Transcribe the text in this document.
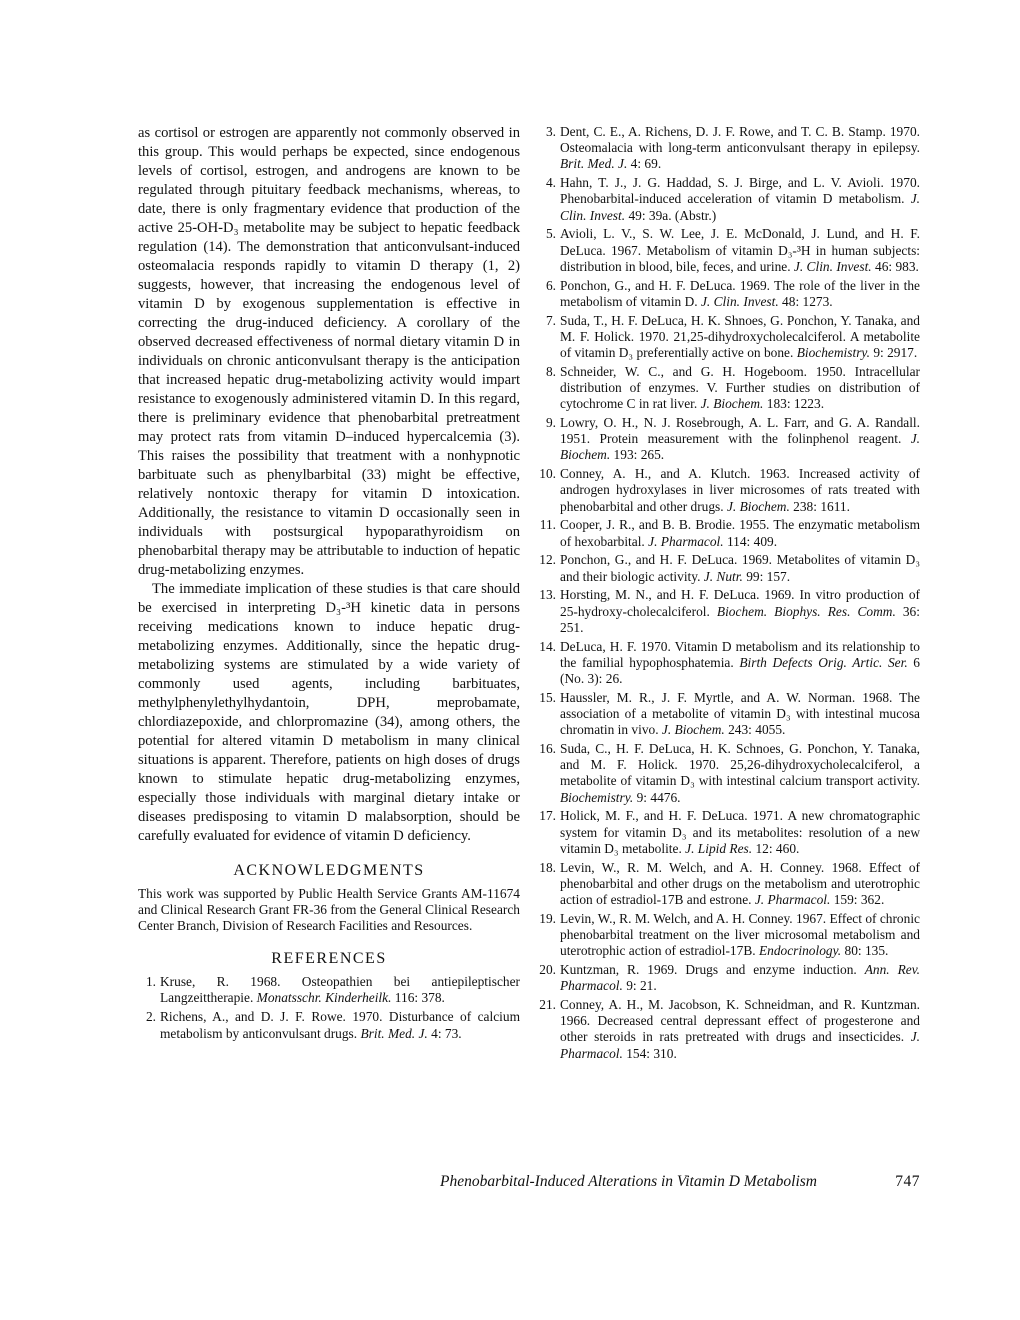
as cortisol or estrogen are apparently not commonly observed in this group. This would perhaps be expected, since endogenous levels of cortisol, estrogen, and androgens are known to be regulated through pituitary feedback mechanisms, whereas, to date, there is only fragmentary evidence that production of the active 25-OH-D₃ metabolite may be subject to hepatic feedback regulation (14). The demonstration that anticonvulsant-induced osteomalacia responds rapidly to vitamin D therapy (1, 2) suggests, however, that increasing the endogenous level of vitamin D by exogenous supplementation is effective in correcting the drug-induced deficiency. A corollary of the observed decreased effectiveness of normal dietary vitamin D in individuals on chronic anticonvulsant therapy is the anticipation that increased hepatic drug-metabolizing activity would impart resistance to exogenously administered vitamin D. In this regard, there is preliminary evidence that phenobarbital pretreatment may protect rats from vitamin D–induced hypercalcemia (3). This raises the possibility that treatment with a nonhypnotic barbituate such as phenylbarbital (33) might be effective, relatively nontoxic therapy for vitamin D intoxication. Additionally, the resistance to vitamin D occasionally seen in individuals with postsurgical hypoparathyroidism on phenobarbital therapy may be attributable to induction of hepatic drug-metabolizing enzymes.

The immediate implication of these studies is that care should be exercised in interpreting D₃-³H kinetic data in persons receiving medications known to induce hepatic drug-metabolizing enzymes. Additionally, since the hepatic drug-metabolizing systems are stimulated by a wide variety of commonly used agents, including barbituates, methylphenylethylhydantoin, DPH, meprobamate, chlordiazepoxide, and chlorpromazine (34), among others, the potential for altered vitamin D metabolism in many clinical situations is apparent. Therefore, patients on high doses of drugs known to stimulate hepatic drug-metabolizing enzymes, especially those individuals with marginal dietary intake or diseases predisposing to vitamin D malabsorption, should be carefully evaluated for evidence of vitamin D deficiency.

ACKNOWLEDGMENTS

This work was supported by Public Health Service Grants AM-11674 and Clinical Research Grant FR-36 from the General Clinical Research Center Branch, Division of Research Facilities and Resources.

REFERENCES
1. Kruse, R. 1968. Osteopathien bei antiepileptischer Langzeittherapie. Monatsschr. Kinderheilk. 116: 378.
2. Richens, A., and D. J. F. Rowe. 1970. Disturbance of calcium metabolism by anticonvulsant drugs. Brit. Med. J. 4: 73.
3. Dent, C. E., A. Richens, D. J. F. Rowe, and T. C. B. Stamp. 1970. Osteomalacia with long-term anticonvulsant therapy in epilepsy. Brit. Med. J. 4: 69.
4. Hahn, T. J., J. G. Haddad, S. J. Birge, and L. V. Avioli. 1970. Phenobarbital-induced acceleration of vitamin D metabolism. J. Clin. Invest. 49: 39a. (Abstr.)
5. Avioli, L. V., S. W. Lee, J. E. McDonald, J. Lund, and H. F. DeLuca. 1967. Metabolism of vitamin D₃-³H in human subjects: distribution in blood, bile, feces, and urine. J. Clin. Invest. 46: 983.
6. Ponchon, G., and H. F. DeLuca. 1969. The role of the liver in the metabolism of vitamin D. J. Clin. Invest. 48: 1273.
7. Suda, T., H. F. DeLuca, H. K. Shnoes, G. Ponchon, Y. Tanaka, and M. F. Holick. 1970. 21,25-dihydroxycholecalciferol. A metabolite of vitamin D₃ preferentially active on bone. Biochemistry. 9: 2917.
8. Schneider, W. C., and G. H. Hogeboom. 1950. Intracellular distribution of enzymes. V. Further studies on distribution of cytochrome C in rat liver. J. Biochem. 183: 1223.
9. Lowry, O. H., N. J. Rosebrough, A. L. Farr, and G. A. Randall. 1951. Protein measurement with the folinphenol reagent. J. Biochem. 193: 265.
10. Conney, A. H., and A. Klutch. 1963. Increased activity of androgen hydroxylases in liver microsomes of rats treated with phenobarbital and other drugs. J. Biochem. 238: 1611.
11. Cooper, J. R., and B. B. Brodie. 1955. The enzymatic metabolism of hexobarbital. J. Pharmacol. 114: 409.
12. Ponchon, G., and H. F. DeLuca. 1969. Metabolites of vitamin D₃ and their biologic activity. J. Nutr. 99: 157.
13. Horsting, M. N., and H. F. DeLuca. 1969. In vitro production of 25-hydroxy-cholecalciferol. Biochem. Biophys. Res. Comm. 36: 251.
14. DeLuca, H. F. 1970. Vitamin D metabolism and its relationship to the familial hypophosphatemia. Birth Defects Orig. Artic. Ser. 6 (No. 3): 26.
15. Haussler, M. R., J. F. Myrtle, and A. W. Norman. 1968. The association of a metabolite of vitamin D₃ with intestinal mucosa chromatin in vivo. J. Biochem. 243: 4055.
16. Suda, C., H. F. DeLuca, H. K. Schnoes, G. Ponchon, Y. Tanaka, and M. F. Holick. 1970. 25,26-dihydroxycholecalciferol, a metabolite of vitamin D₃ with intestinal calcium transport activity. Biochemistry. 9: 4476.
17. Holick, M. F., and H. F. DeLuca. 1971. A new chromatographic system for vitamin D₃ and its metabolites: resolution of a new vitamin D₃ metabolite. J. Lipid Res. 12: 460.
18. Levin, W., R. M. Welch, and A. H. Conney. 1968. Effect of phenobarbital and other drugs on the metabolism and uterotrophic action of estradiol-17B and estrone. J. Pharmacol. 159: 362.
19. Levin, W., R. M. Welch, and A. H. Conney. 1967. Effect of chronic phenobarbital treatment on the liver microsomal metabolism and uterotrophic action of estradiol-17B. Endocrinology. 80: 135.
20. Kuntzman, R. 1969. Drugs and enzyme induction. Ann. Rev. Pharmacol. 9: 21.
21. Conney, A. H., M. Jacobson, K. Schneidman, and R. Kuntzman. 1966. Decreased central depressant effect of progesterone and other steroids in rats pretreated with drugs and insecticides. J. Pharmacol. 154: 310.
Phenobarbital-Induced Alterations in Vitamin D Metabolism	747
